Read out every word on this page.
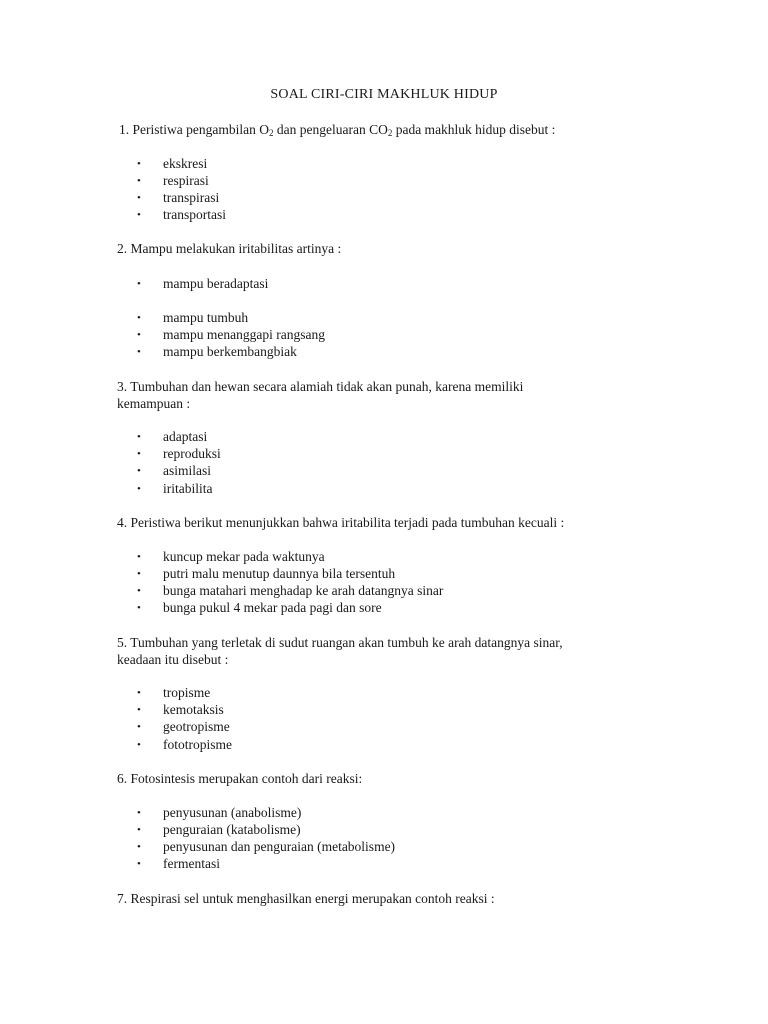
SOAL CIRI-CIRI MAKHLUK HIDUP
1. Peristiwa pengambilan $O_2$ dan pengeluaran $CO_2$ pada makhluk hidup disebut :
• ekskresi
• respirasi
• transpirasi
• transportasi
2. Mampu melakukan iritabilitas artinya :
• mampu beradaptasi
• mampu tumbuh
• mampu menanggapi rangsang
• mampu berkembangbiak
3. Tumbuhan dan hewan secara alamiah tidak akan punah, karena memiliki
kemampuan :
• adaptasi
• reproduksi
• asimilasi
• iritabilita
4. Peristiwa berikut menunjukkan bahwa iritabilita terjadi pada tumbuhan kecuali :
• kuncup mekar pada waktunya
• putri malu menutup daunnya bila tersentuh
• bunga matahari menghadap ke arah datangnya sinar
• bunga pukul 4 mekar pada pagi dan sore
5. Tumbuhan yang terletak di sudut ruangan akan tumbuh ke arah datangnya sinar,
keadaan itu disebut :
• tropisme
• kemotaksis
• geotropisme
• fototropisme
6. Fotosintesis merupakan contoh dari reaksi:
• penyusunan (anabolisme)
• penguraian (katabolisme)
• penyusunan dan penguraian (metabolisme)
• fermentasi
7. Respirasi sel untuk menghasilkan energi merupakan contoh reaksi :
